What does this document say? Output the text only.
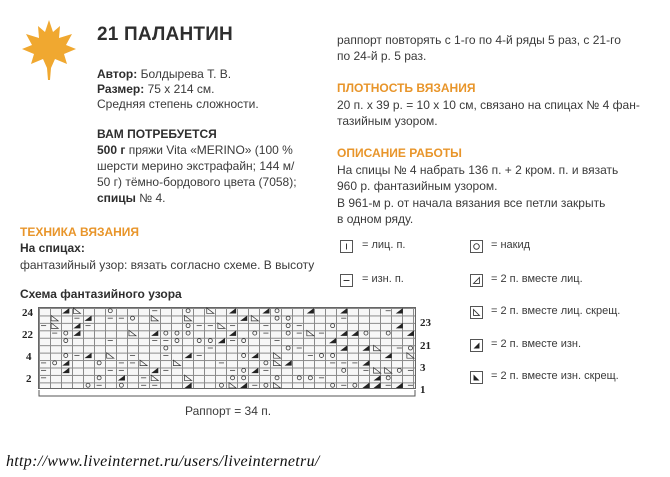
21 ПАЛАНТИН
Автор: Болдырева Т. В.
Размер: 75 х 214 см.
Средняя степень сложности.
ВАМ ПОТРЕБУЕТСЯ
500 г пряжи Vita «MERINO» (100 %
шерсти мерино экстрафайн; 144 м/
50 г) тёмно-бордового цвета (7058);
спицы № 4.
ТЕХНИКА ВЯЗАНИЯ
На спицах:
фантазийный узор: вязать согласно схеме. В высоту
Схема фантазийного узора
24
22
4
2
23
21
3
1
Раппорт = 34 п.
раппорт повторять с 1-го по 4-й ряды 5 раз, с 21-го
по 24-й р. 5 раз.
ПЛОТНОСТЬ ВЯЗАНИЯ
20 п. х 39 р. = 10 х 10 см, связано на спицах № 4 фан-
тазийным узором.
ОПИСАНИЕ РАБОТЫ
На спицы № 4 набрать 136 п. + 2 кром. п. и вязать
960 р. фантазийным узором.
В 961-м р. от начала вязания все петли закрыть
в одном ряду.
= лиц. п.
= изн. п.
= накид
= 2 п. вместе лиц.
= 2 п. вместе лиц. скрещ.
= 2 п. вместе изн.
= 2 п. вместе изн. скрещ.
http://www.liveinternet.ru/users/liveinternetru/
